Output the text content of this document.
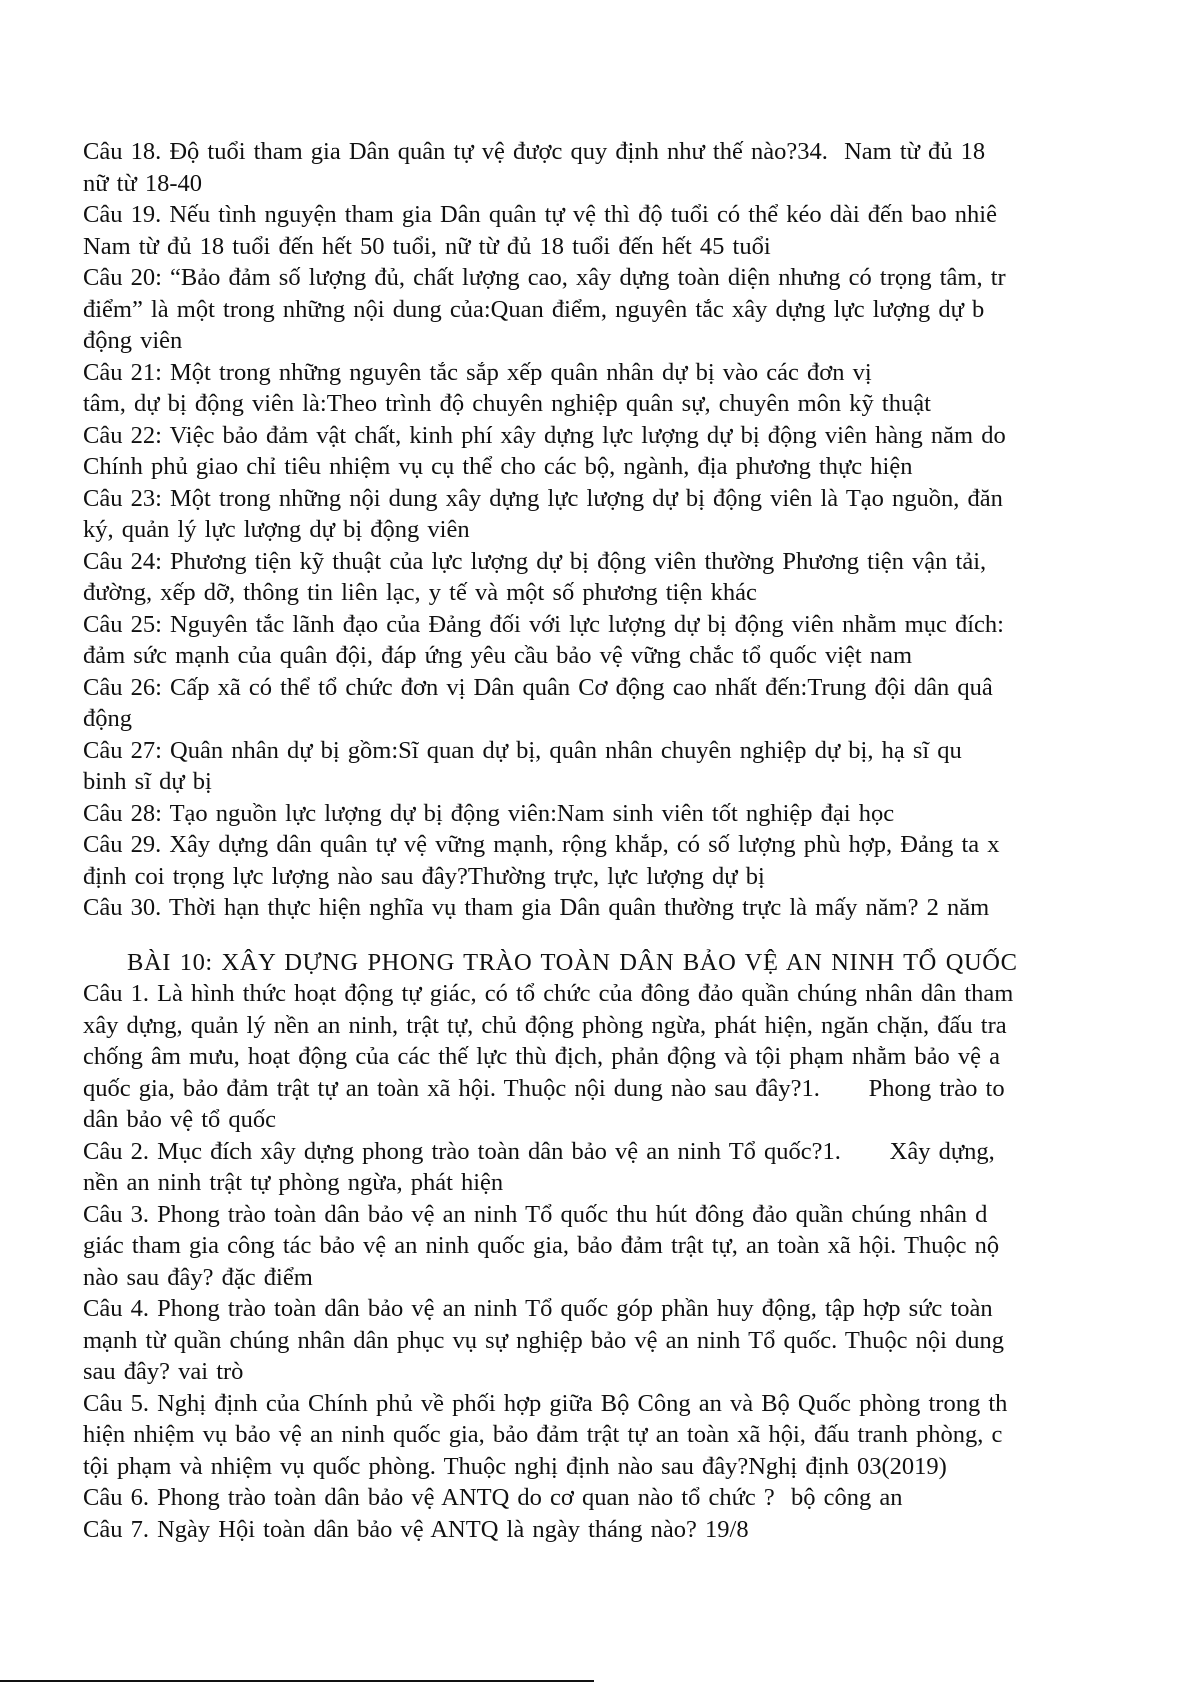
Câu 18. Độ tuổi tham gia Dân quân tự vệ được quy định như thế nào?34.  Nam từ đủ 18
nữ từ 18-40
Câu 19. Nếu tình nguyện tham gia Dân quân tự vệ thì độ tuổi có thể kéo dài đến bao nhiê
Nam từ đủ 18 tuổi đến hết 50 tuổi, nữ từ đủ 18 tuổi đến hết 45 tuổi
Câu 20: “Bảo đảm số lượng đủ, chất lượng cao, xây dựng toàn diện nhưng có trọng tâm, tr
điểm” là một trong những nội dung của:Quan điểm, nguyên tắc xây dựng lực lượng dự b
động viên
Câu 21: Một trong những nguyên tắc sắp xếp quân nhân dự bị vào các đơn vị
tâm, dự bị động viên là:Theo trình độ chuyên nghiệp quân sự, chuyên môn kỹ thuật
Câu 22: Việc bảo đảm vật chất, kinh phí xây dựng lực lượng dự bị động viên hàng năm do
Chính phủ giao chỉ tiêu nhiệm vụ cụ thể cho các bộ, ngành, địa phương thực hiện
Câu 23: Một trong những nội dung xây dựng lực lượng dự bị động viên là Tạo nguồn, đăn
ký, quản lý lực lượng dự bị động viên
Câu 24: Phương tiện kỹ thuật của lực lượng dự bị động viên thường Phương tiện vận tải,
đường, xếp dỡ, thông tin liên lạc, y tế và một số phương tiện khác
Câu 25: Nguyên tắc lãnh đạo của Đảng đối với lực lượng dự bị động viên nhằm mục đích:
đảm sức mạnh của quân đội, đáp ứng yêu cầu bảo vệ vững chắc tổ quốc việt nam
Câu 26: Cấp xã có thể tổ chức đơn vị Dân quân Cơ động cao nhất đến:Trung đội dân quâ
động
Câu 27: Quân nhân dự bị gồm:Sĩ quan dự bị, quân nhân chuyên nghiệp dự bị, hạ sĩ qu
binh sĩ dự bị
Câu 28: Tạo nguồn lực lượng dự bị động viên:Nam sinh viên tốt nghiệp đại học
Câu 29. Xây dựng dân quân tự vệ vững mạnh, rộng khắp, có số lượng phù hợp, Đảng ta x
định coi trọng lực lượng nào sau đây?Thường trực, lực lượng dự bị
Câu 30. Thời hạn thực hiện nghĩa vụ tham gia Dân quân thường trực là mấy năm? 2 năm
BÀI 10: XÂY DỰNG PHONG TRÀO TOÀN DÂN BẢO VỆ AN NINH TỔ QUỐC
Câu 1. Là hình thức hoạt động tự giác, có tổ chức của đông đảo quần chúng nhân dân tham
xây dựng, quản lý nền an ninh, trật tự, chủ động phòng ngừa, phát hiện, ngăn chặn, đấu tra
chống âm mưu, hoạt động của các thế lực thù địch, phản động và tội phạm nhằm bảo vệ a
quốc gia, bảo đảm trật tự an toàn xã hội. Thuộc nội dung nào sau đây?1.      Phong trào to
dân bảo vệ tổ quốc
Câu 2. Mục đích xây dựng phong trào toàn dân bảo vệ an ninh Tổ quốc?1.      Xây dựng,
nền an ninh trật tự phòng ngừa, phát hiện
Câu 3. Phong trào toàn dân bảo vệ an ninh Tổ quốc thu hút đông đảo quần chúng nhân d
giác tham gia công tác bảo vệ an ninh quốc gia, bảo đảm trật tự, an toàn xã hội. Thuộc nộ
nào sau đây? đặc điểm
Câu 4. Phong trào toàn dân bảo vệ an ninh Tổ quốc góp phần huy động, tập hợp sức toàn
mạnh từ quần chúng nhân dân phục vụ sự nghiệp bảo vệ an ninh Tổ quốc. Thuộc nội dung
sau đây? vai trò
Câu 5. Nghị định của Chính phủ về phối hợp giữa Bộ Công an và Bộ Quốc phòng trong th
hiện nhiệm vụ bảo vệ an ninh quốc gia, bảo đảm trật tự an toàn xã hội, đấu tranh phòng, c
tội phạm và nhiệm vụ quốc phòng. Thuộc nghị định nào sau đây?Nghị định 03(2019)
Câu 6. Phong trào toàn dân bảo vệ ANTQ do cơ quan nào tổ chức ?  bộ công an
Câu 7. Ngày Hội toàn dân bảo vệ ANTQ là ngày tháng nào? 19/8
